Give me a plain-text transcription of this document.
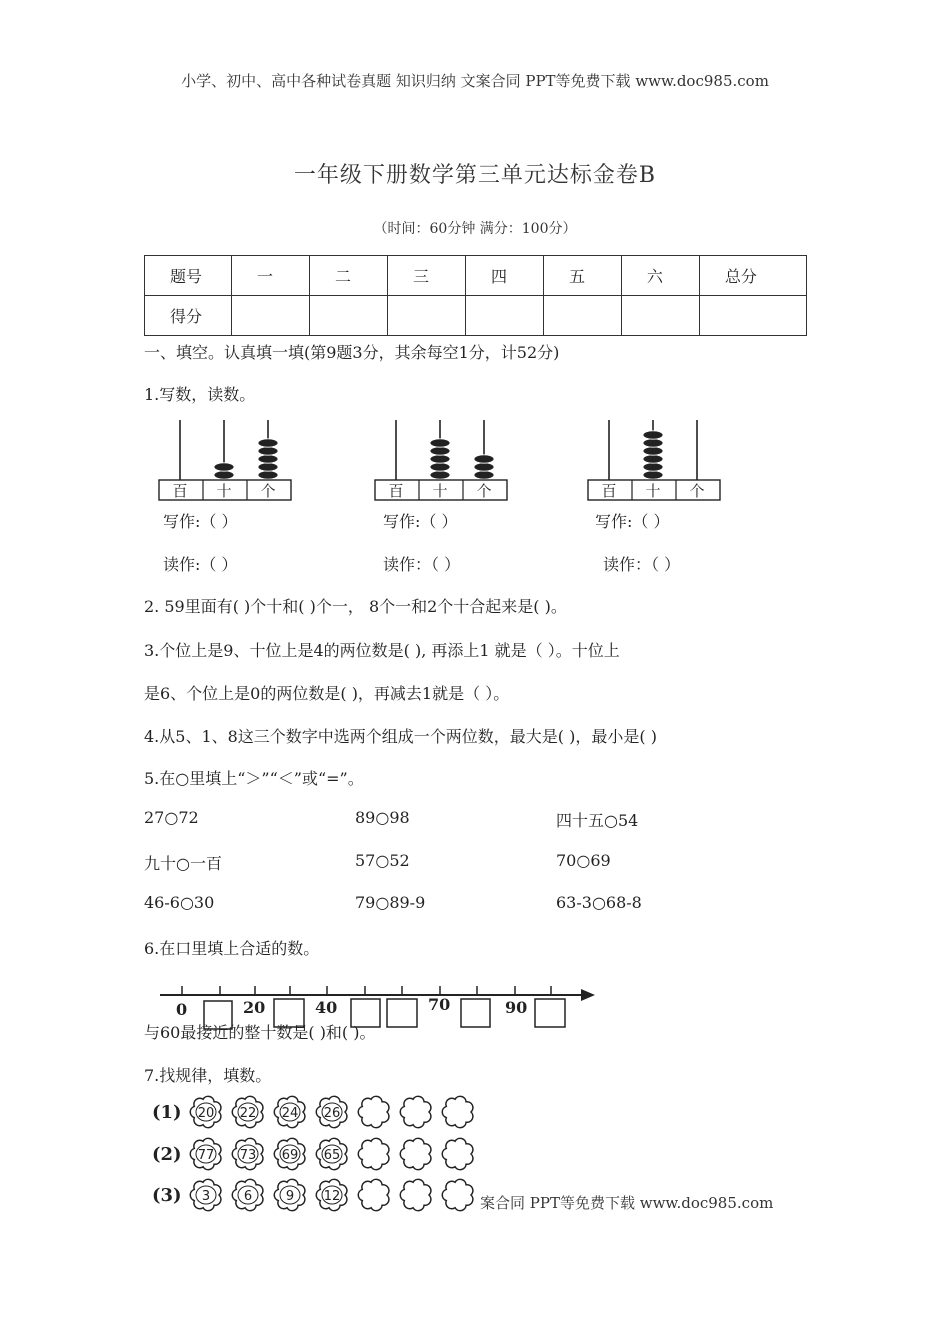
小学、初中、高中各种试卷真题 知识归纳 文案合同 PPT等免费下载 www.doc985.com
一年级下册数学第三单元达标金卷B
（时间：60分钟 满分：100分）
题号	一	二	三	四	五	六	总分
得分							
一、填空。认真填一填(第9题3分，其余每空1分，计52分)
1.写数，读数。
百 十 个	百 十 个	百 十 个
写作:（ ）	写作:（ ）	写作:（ ）
读作:（ ）	读作：（ ）	读作：（ ）
2. 59里面有( )个十和( )个一， 8个一和2个十合起来是( )。
3.个位上是9、十位上是4的两位数是( ), 再添上1 就是（ ）。十位上
是6、个位上是0的两位数是( )，再减去1就是（ ）。
4.从5、1、8这三个数字中选两个组成一个两位数，最大是( )，最小是( )
5.在○里填上“＞”“＜”或“=”。
27○72	89○98	四十五○54
九十○一百	57○52	70○69
46-6○30	79○89-9	63-3○68-8
6.在口里填上合适的数。
0	20	40	70	90
与60最接近的整十数是( )和( )。
7.找规律，填数。
(1) 20 22 24 26
(2) 77 73 69 65
(3) 3	6	9 12	案合同 PPT等免费下载 www.doc985.com
